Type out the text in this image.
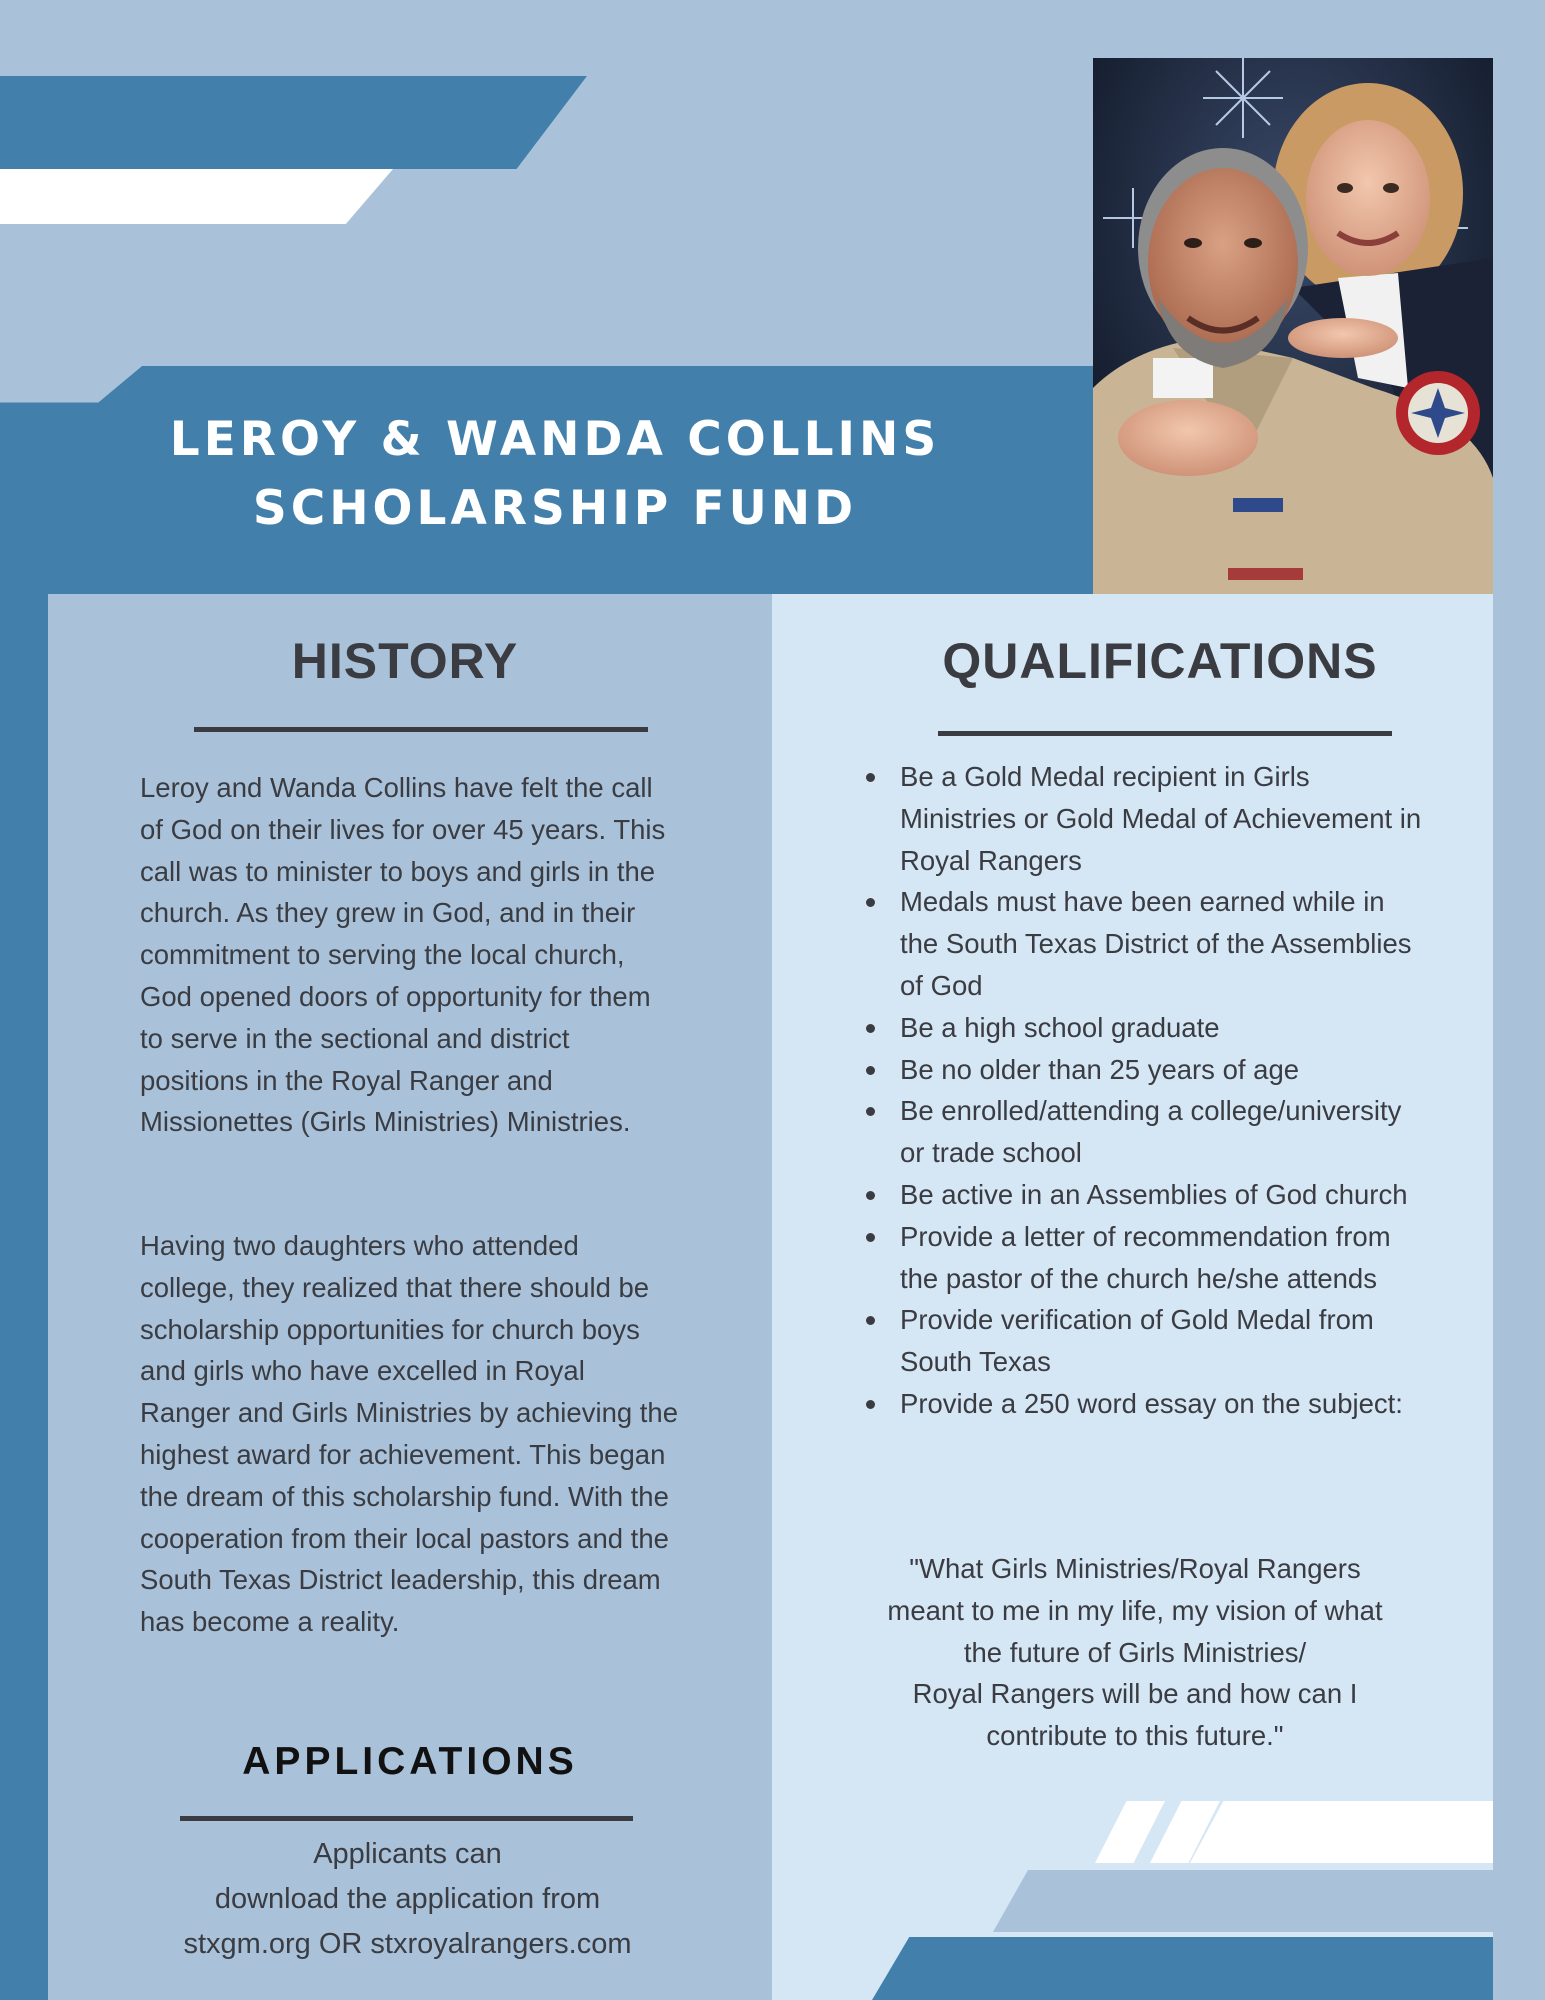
LEROY & WANDA COLLINS
SCHOLARSHIP FUND
HISTORY

Leroy and Wanda Collins have felt the call of God on their lives for over 45 years. This call was to minister to boys and girls in the church. As they grew in God, and in their commitment to serving the local church, God opened doors of opportunity for them to serve in the sectional and district positions in the Royal Ranger and Missionettes (Girls Ministries) Ministries.

Having two daughters who attended college, they realized that there should be scholarship opportunities for church boys and girls who have excelled in Royal Ranger and Girls Ministries by achieving the highest award for achievement. This began the dream of this scholarship fund. With the cooperation from their local pastors and the South Texas District leadership, this dream has become a reality.

APPLICATIONS
Applicants can
download the application from
stxgm.org OR stxroyalrangers.com
QUALIFICATIONS
Be a Gold Medal recipient in Girls Ministries or Gold Medal of Achievement in Royal Rangers
Medals must have been earned while in the South Texas District of the Assemblies of God
Be a high school graduate
Be no older than 25 years of age
Be enrolled/attending a college/university or trade school
Be active in an Assemblies of God church
Provide a letter of recommendation from the pastor of the church he/she attends
Provide verification of Gold Medal from South Texas
Provide a 250 word essay on the subject:

"What Girls Ministries/Royal Rangers
meant to me in my life, my vision of what
the future of Girls Ministries/
Royal Rangers will be and how can I
contribute to this future."
